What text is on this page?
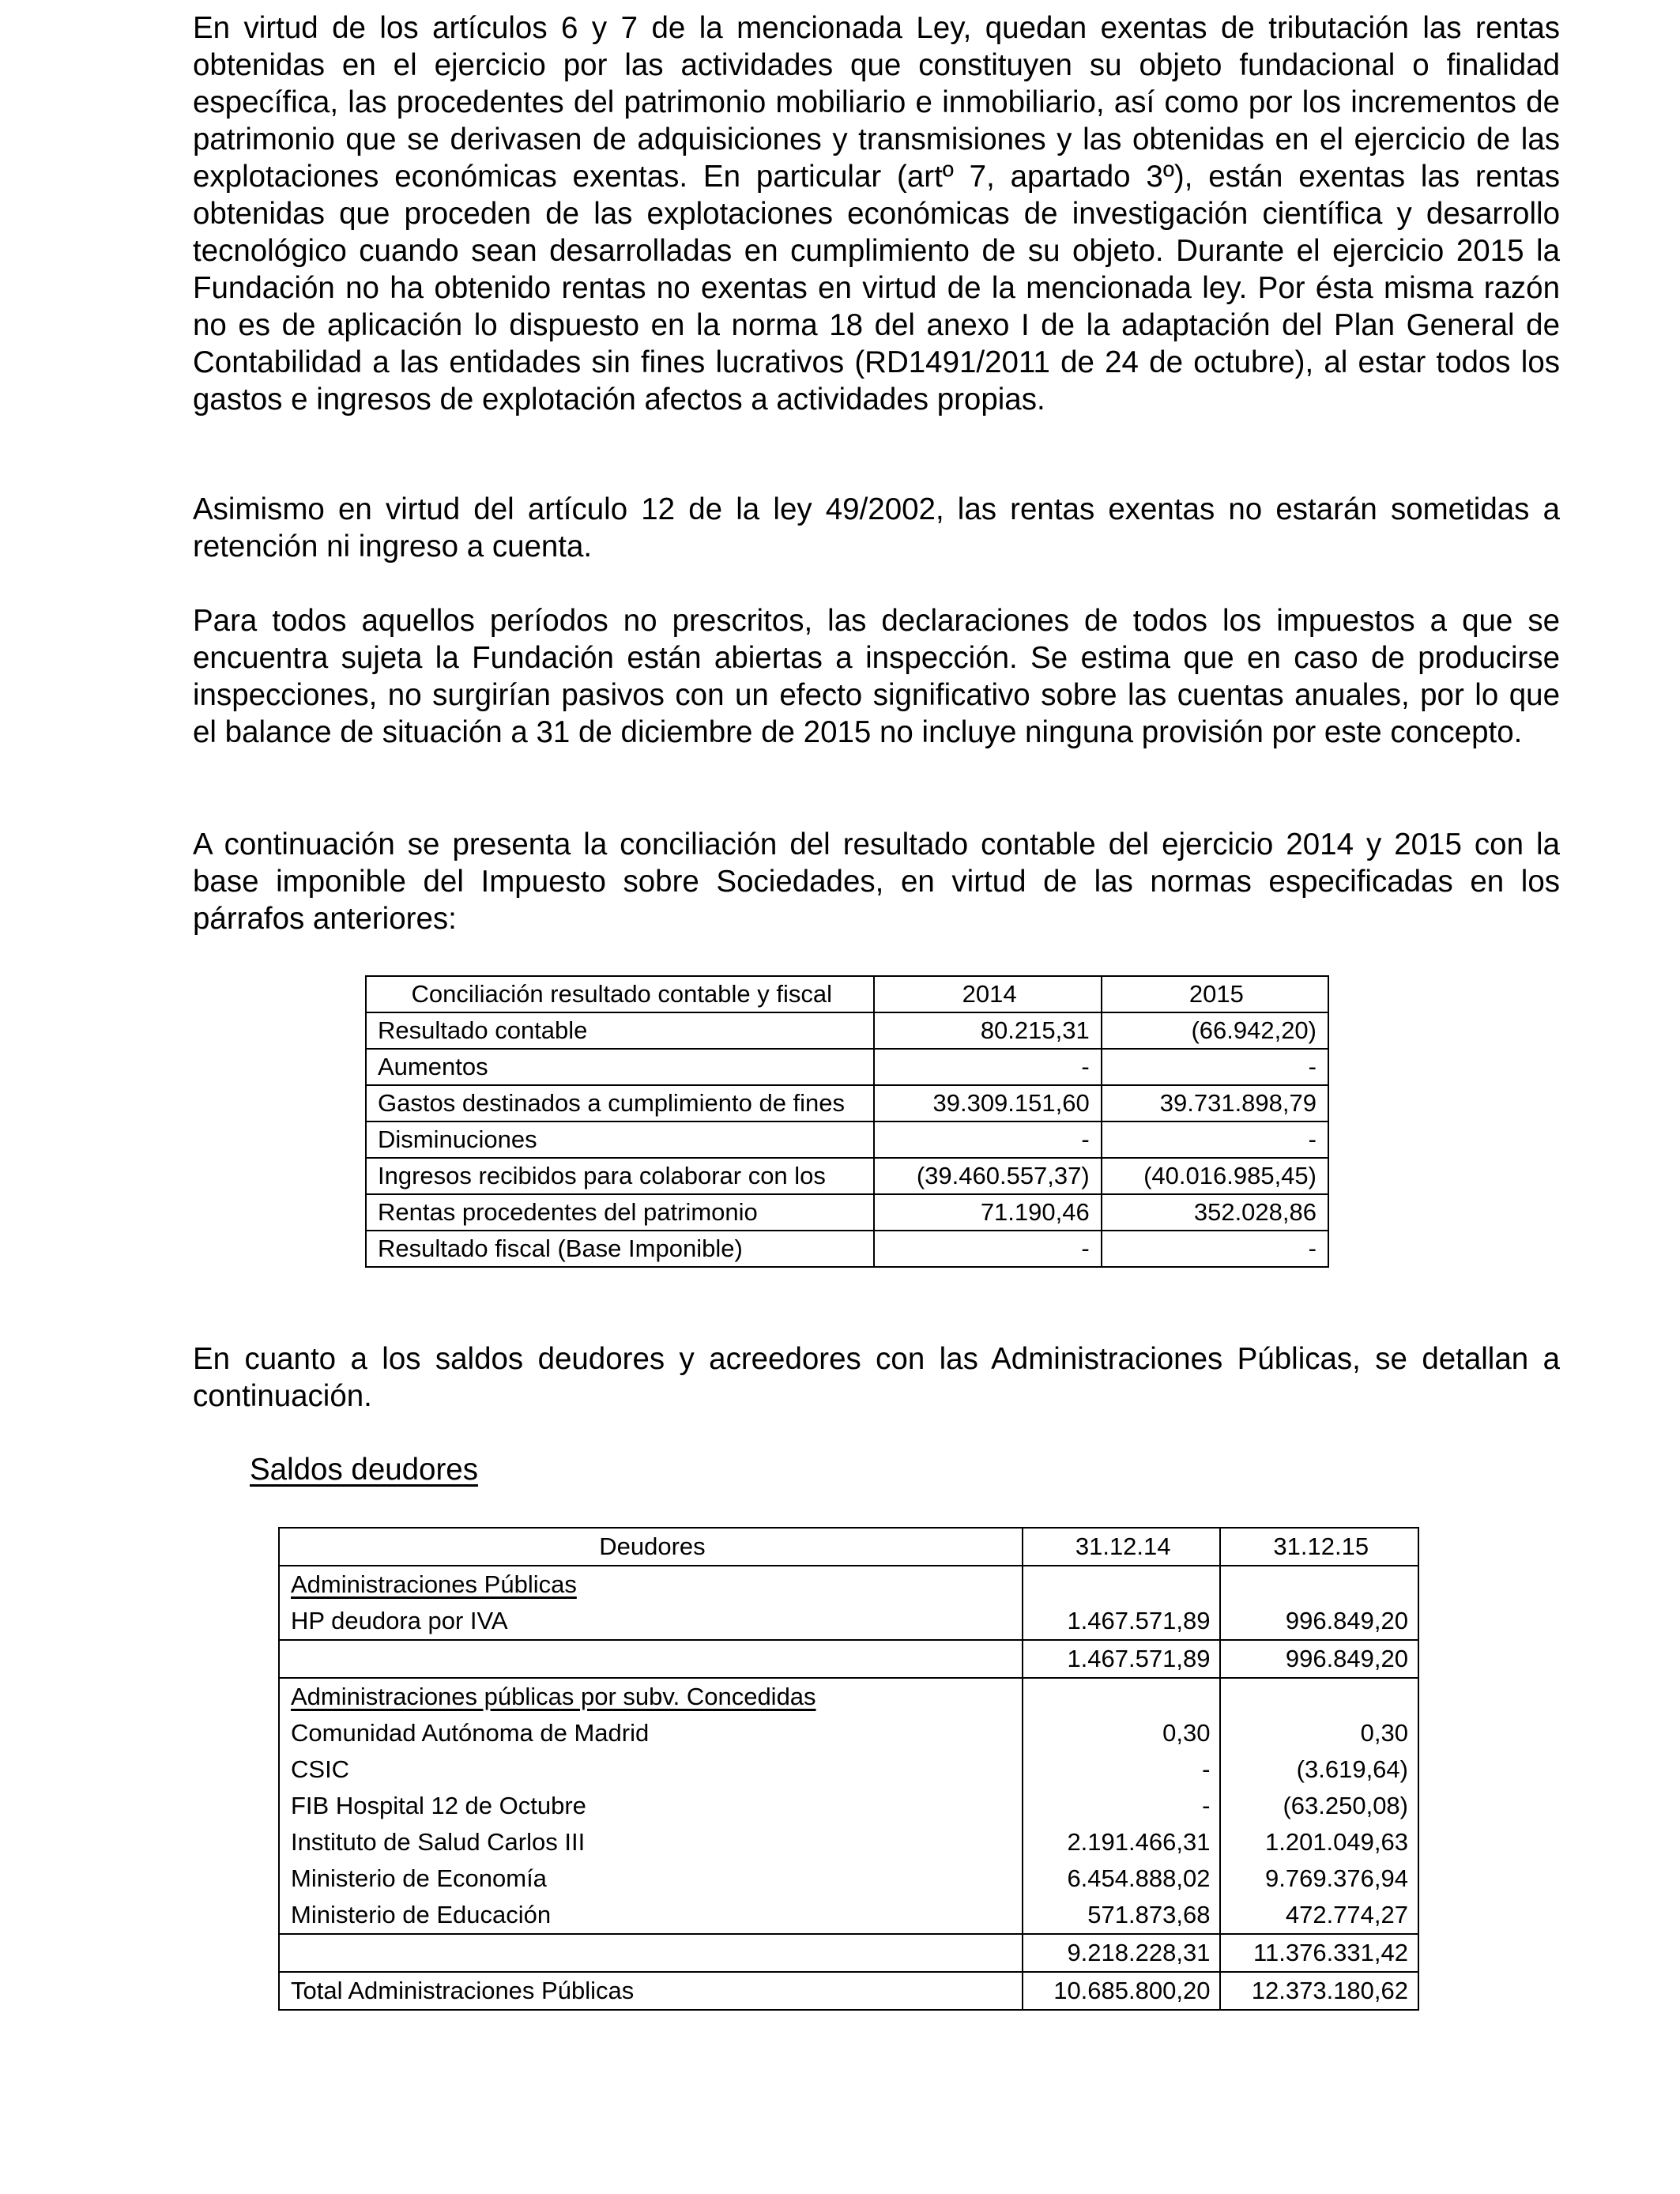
En virtud de los artículos 6 y 7 de la mencionada Ley, quedan exentas de tributación las rentas obtenidas en el ejercicio por las actividades que constituyen su objeto fundacional o finalidad específica, las procedentes del patrimonio mobiliario e inmobiliario, así como por los incrementos de patrimonio que se derivasen de adquisiciones y transmisiones y las obtenidas en el ejercicio de las explotaciones económicas exentas. En particular (artº 7, apartado 3º), están exentas las rentas obtenidas que proceden de las explotaciones económicas de investigación científica y desarrollo tecnológico cuando sean desarrolladas en cumplimiento de su objeto. Durante el ejercicio 2015 la Fundación no ha obtenido rentas no exentas en virtud de la mencionada ley. Por ésta misma razón no es de aplicación lo dispuesto en la norma 18 del anexo I de la adaptación del Plan General de Contabilidad a las entidades sin fines lucrativos (RD1491/2011 de 24 de octubre), al estar todos los gastos e ingresos de explotación afectos a actividades propias.

Asimismo en virtud del artículo 12 de la ley 49/2002, las rentas exentas no estarán sometidas a retención ni ingreso a cuenta.

Para todos aquellos períodos no prescritos, las declaraciones de todos los impuestos a que se encuentra sujeta la Fundación están abiertas a inspección. Se estima que en caso de producirse inspecciones, no surgirían pasivos con un efecto significativo sobre las cuentas anuales, por lo que el balance de situación a 31 de diciembre de 2015 no incluye ninguna provisión por este concepto.

A continuación se presenta la conciliación del resultado contable del ejercicio 2014 y 2015 con la base imponible del Impuesto sobre Sociedades, en virtud de las normas especificadas en los párrafos anteriores:

Conciliación resultado contable y fiscal	2014	2015
Resultado contable	80.215,31	(66.942,20)
Aumentos	-	-
Gastos destinados a cumplimiento de fines	39.309.151,60	39.731.898,79
Disminuciones	-	-
Ingresos recibidos para colaborar con los	(39.460.557,37)	(40.016.985,45)
Rentas procedentes del patrimonio	71.190,46	352.028,86
Resultado fiscal (Base Imponible)	-	-

En cuanto a los saldos deudores y acreedores con las Administraciones Públicas, se detallan a continuación.

Saldos deudores
Deudores	31.12.14	31.12.15
Administraciones Públicas		
HP deudora por IVA	1.467.571,89	996.849,20
	1.467.571,89	996.849,20
Administraciones públicas por subv. Concedidas		
Comunidad Autónoma de Madrid	0,30	0,30
CSIC	-	(3.619,64)
FIB Hospital 12 de Octubre	-	(63.250,08)
Instituto de Salud Carlos III	2.191.466,31	1.201.049,63
Ministerio de Economía	6.454.888,02	9.769.376,94
Ministerio de Educación	571.873,68	472.774,27
	9.218.228,31	11.376.331,42
Total Administraciones Públicas	10.685.800,20	12.373.180,62
